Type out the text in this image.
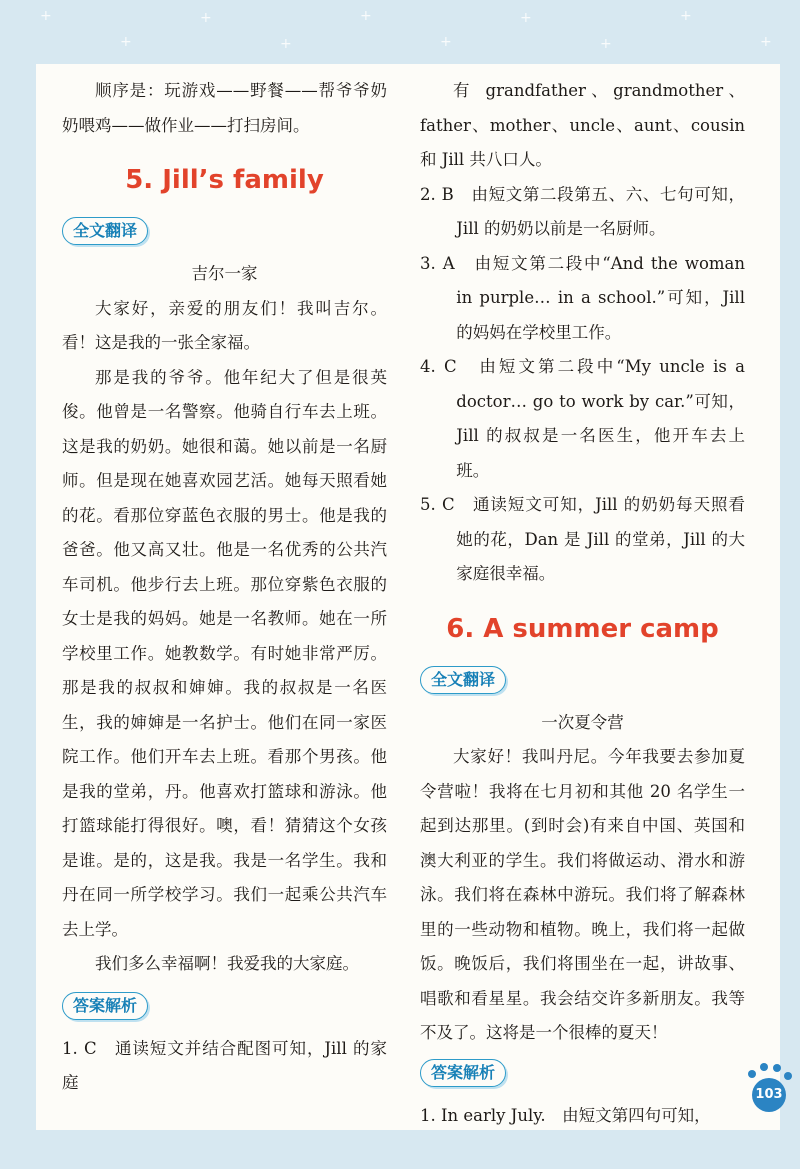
+
+
+
+
+
+
+
+
+
+

顺序是：玩游戏——野餐——帮爷爷奶奶喂鸡——做作业——打扫房间。

5. Jill’s family
全文翻译

吉尔一家

大家好，亲爱的朋友们！我叫吉尔。看！这是我的一张全家福。

那是我的爷爷。他年纪大了但是很英俊。他曾是一名警察。他骑自行车去上班。这是我的奶奶。她很和蔼。她以前是一名厨师。但是现在她喜欢园艺活。她每天照看她的花。看那位穿蓝色衣服的男士。他是我的爸爸。他又高又壮。他是一名优秀的公共汽车司机。他步行去上班。那位穿紫色衣服的女士是我的妈妈。她是一名教师。她在一所学校里工作。她教数学。有时她非常严厉。那是我的叔叔和婶婶。我的叔叔是一名医生，我的婶婶是一名护士。他们在同一家医院工作。他们开车去上班。看那个男孩。他是我的堂弟，丹。他喜欢打篮球和游泳。他打篮球能打得很好。噢，看！猜猜这个女孩是谁。是的，这是我。我是一名学生。我和丹在同一所学校学习。我们一起乘公共汽车去上学。

我们多么幸福啊！我爱我的大家庭。

答案解析

1. C　通读短文并结合配图可知，Jill 的家庭

有 grandfather、grandmother、father、mother、uncle、aunt、cousin 和 Jill 共八口人。

2. B　由短文第二段第五、六、七句可知，Jill 的奶奶以前是一名厨师。

3. A　由短文第二段中“And the woman in purple… in a school.”可知，Jill 的妈妈在学校里工作。

4. C　由短文第二段中“My uncle is a doctor… go to work by car.”可知，Jill 的叔叔是一名医生，他开车去上班。

5. C　通读短文可知，Jill 的奶奶每天照看她的花，Dan 是 Jill 的堂弟，Jill 的大家庭很幸福。

6. A summer camp
全文翻译

一次夏令营

大家好！我叫丹尼。今年我要去参加夏令营啦！我将在七月初和其他 20 名学生一起到达那里。(到时会)有来自中国、英国和澳大利亚的学生。我们将做运动、滑水和游泳。我们将在森林中游玩。我们将了解森林里的一些动物和植物。晚上，我们将一起做饭。晚饭后，我们将围坐在一起，讲故事、唱歌和看星星。我会结交许多新朋友。我等不及了。这将是一个很棒的夏天！

答案解析

1. In early July.　由短文第四句可知，

103
